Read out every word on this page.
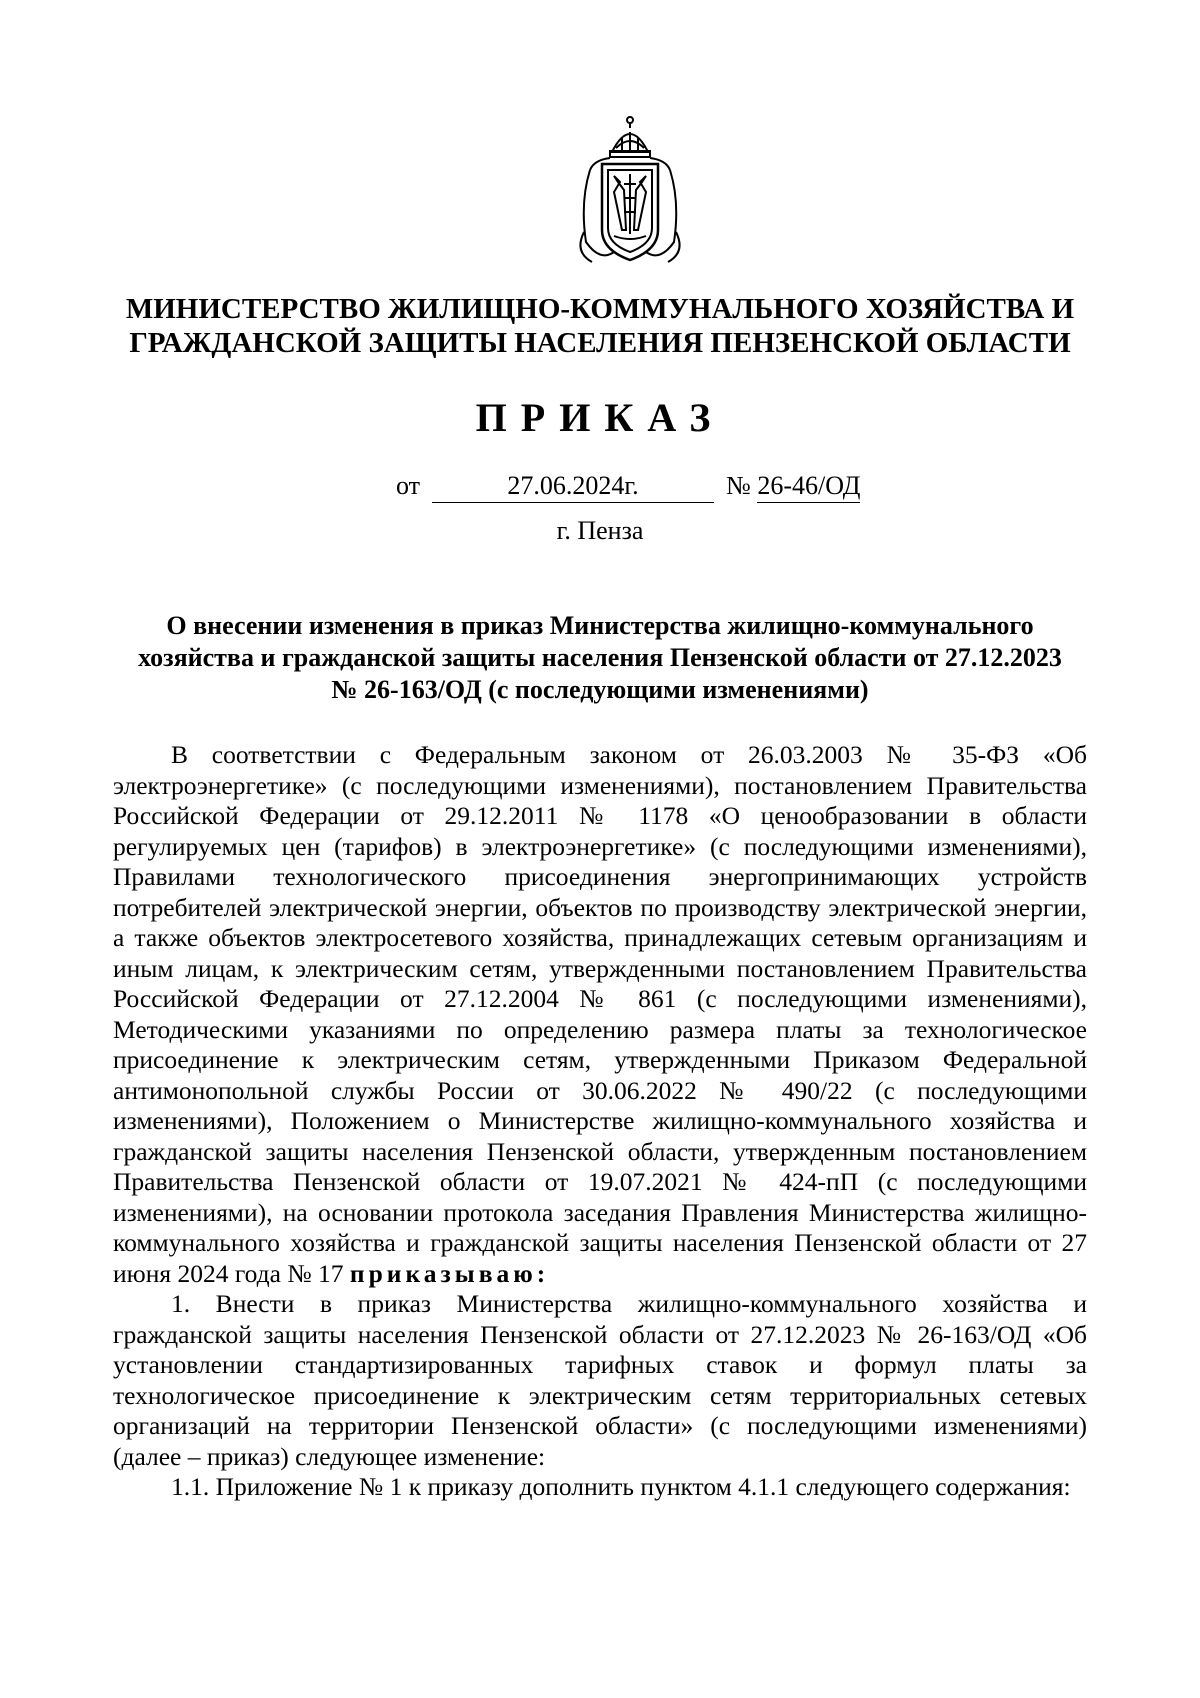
МИНИСТЕРСТВО ЖИЛИЩНО-КОММУНАЛЬНОГО ХОЗЯЙСТВА И
ГРАЖДАНСКОЙ ЗАЩИТЫ НАСЕЛЕНИЯ ПЕНЗЕНСКОЙ ОБЛАСТИ
ПРИКАЗ
от	27.06.2024г.	№ 26-46/ОД
г. Пенза
О внесении изменения в приказ Министерства жилищно-коммунального
хозяйства и гражданской защиты населения Пензенской области от 27.12.2023
№ 26-163/ОД (с последующими изменениями)

В соответствии с Федеральным законом от 26.03.2003 № 35-ФЗ «Об электроэнергетике» (с последующими изменениями), постановлением Правительства Российской Федерации от 29.12.2011 № 1178 «О ценообразовании в области регулируемых цен (тарифов) в электроэнергетике» (с последующими изменениями), Правилами технологического присоединения энергопринимающих устройств потребителей электрической энергии, объектов по производству электрической энергии, а также объектов электросетевого хозяйства, принадлежащих сетевым организациям и иным лицам, к электрическим сетям, утвержденными постановлением Правительства Российской Федерации от 27.12.2004 № 861 (с последующими изменениями), Методическими указаниями по определению размера платы за технологическое присоединение к электрическим сетям, утвержденными Приказом Федеральной антимонопольной службы России от 30.06.2022 № 490/22 (с последующими изменениями), Положением о Министерстве жилищно-коммунального хозяйства и гражданской защиты населения Пензенской области, утвержденным постановлением Правительства Пензенской области от 19.07.2021 № 424-пП (с последующими изменениями), на основании протокола заседания Правления Министерства жилищно-коммунального хозяйства и гражданской защиты населения Пензенской области от 27 июня 2024 года № 17 приказываю:

1. Внести в приказ Министерства жилищно-коммунального хозяйства и гражданской защиты населения Пензенской области от 27.12.2023 № 26-163/ОД «Об установлении стандартизированных тарифных ставок и формул платы за технологическое присоединение к электрическим сетям территориальных сетевых организаций на территории Пензенской области» (с последующими изменениями) (далее – приказ) следующее изменение:

1.1. Приложение № 1 к приказу дополнить пунктом 4.1.1 следующего содержания:
